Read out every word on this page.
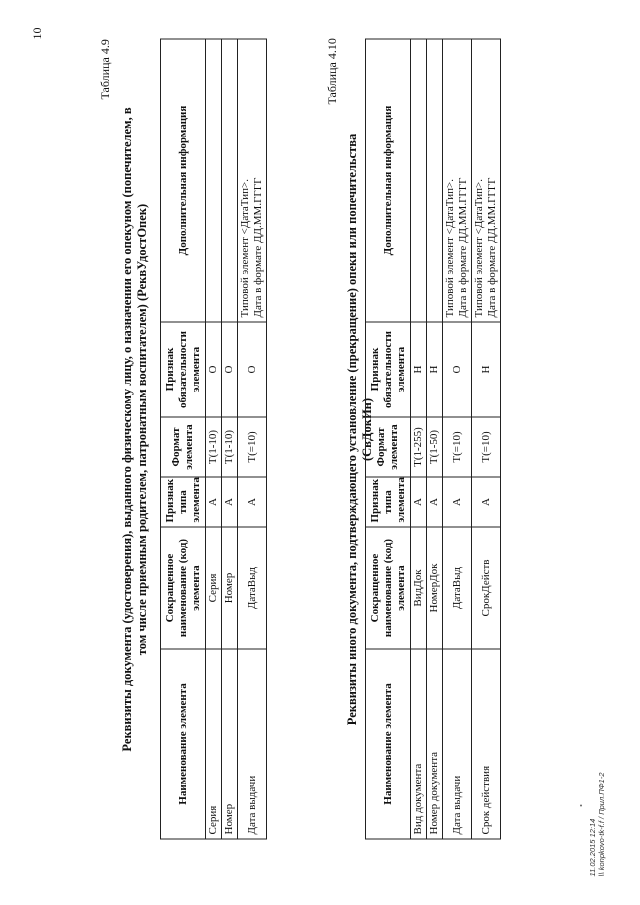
10
Таблица 4.9
Реквизиты документа (удостоверения), выданного физическому лицу, о назначении его опекуном (попечителем, в том числе приемным родителем, патронатным воспитателем) (РеквУдостОпек)
Наименование элемента	Сокращенное наименование (код) элемента	Признак типа элемента	Формат элемента	Признак обязательности элемента	Дополнительная информация
Серия	Серия	А	T(1-10)	О	
Номер	Номер	А	T(1-10)	О	
Дата выдачи	ДатаВыд	А	T(=10)	О	Типовой элемент <ДатаТип>. Дата в формате ДД.ММ.ГГГГ
Таблица 4.10
Реквизиты иного документа, подтверждающего установление (прекращение) опеки или попечительства (СвДокИн)
Наименование элемента	Сокращенное наименование (код) элемента	Признак типа элемента	Формат элемента	Признак обязательности элемента	Дополнительная информация
Вид документа	ВидДок	А	T(1-255)	Н	
Номер документа	НомерДок	А	T(1-50)	Н	
Дата выдачи	ДатаВыд	А	T(=10)	О	Типовой элемент <ДатаТип>. Дата в формате ДД.ММ.ГГГГ

Срок действия	СрокДейств	А	T(=10)	Н	Типовой элемент <ДатаТип>. Дата в формате ДД.ММ.ГГГГ
11.02.2015 12:14 \\ konpkovo-tk-f.f / Прил.ПФ1-2
